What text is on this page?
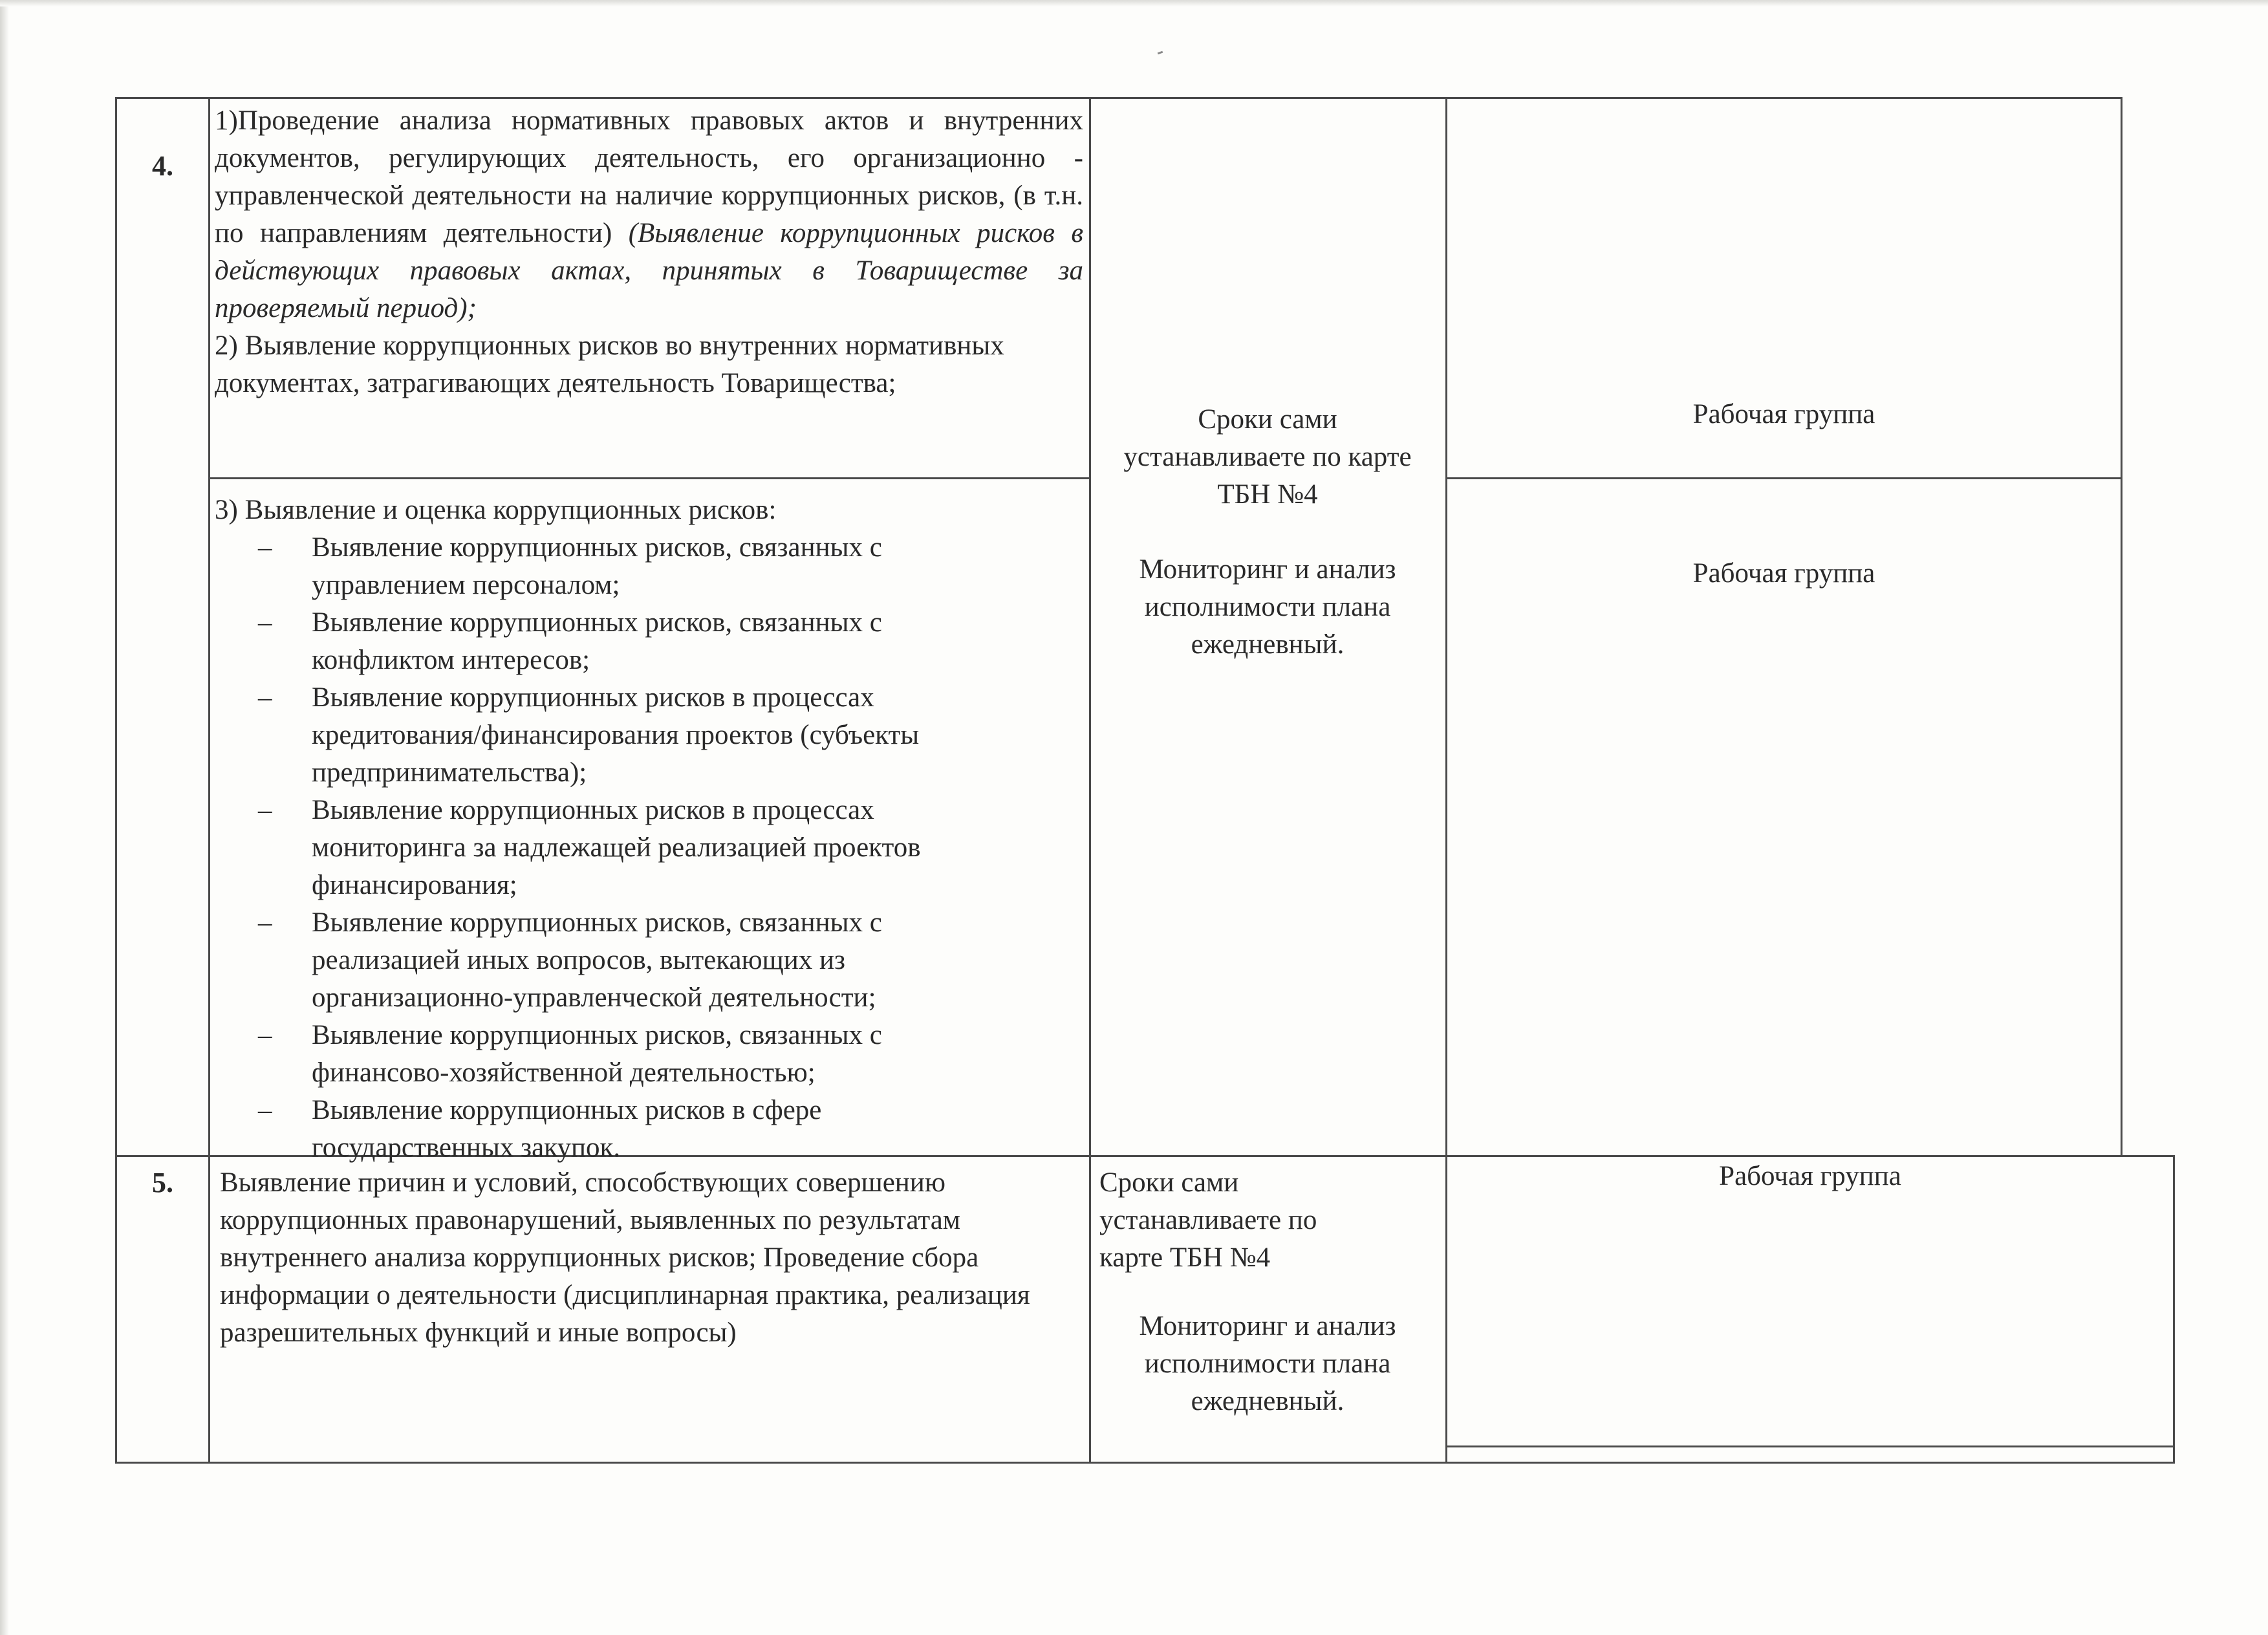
4.
1)Проведение анализа нормативных правовых актов и внутренних документов, регулирующих деятельность, его организационно - управленческой деятельности на наличие коррупционных рисков, (в т.н. по направлениям деятельности) (Выявление коррупционных рисков в действующих правовых актах, принятых в Товариществе за проверяемый период);
2) Выявление коррупционных рисков во внутренних нормативных документах, затрагивающих деятельность Товарищества;
3) Выявление и оценка коррупционных рисков:
– Выявление коррупционных рисков, связанных с управлением персоналом;
– Выявление коррупционных рисков, связанных с конфликтом интересов;
– Выявление коррупционных рисков в процессах кредитования/финансирования проектов (субъекты предпринимательства);
– Выявление коррупционных рисков в процессах мониторинга за надлежащей реализацией проектов финансирования;
– Выявление коррупционных рисков, связанных с реализацией иных вопросов, вытекающих из организационно-управленческой деятельности;
– Выявление коррупционных рисков, связанных с финансово-хозяйственной деятельностью;
– Выявление коррупционных рисков в сфере государственных закупок.
Сроки сами устанавливаете по карте ТБН №4
Мониторинг и анализ исполнимости плана ежедневный.
Рабочая группа
Рабочая группа
5.	Выявление причин и условий, способствующих совершению коррупционных правонарушений, выявленных по результатам внутреннего анализа коррупционных рисков; Проведение сбора информации о деятельности (дисциплинарная практика, реализация разрешительных функций и иные вопросы)
Сроки сами устанавливаете по карте ТБН №4
Мониторинг и анализ исполнимости плана ежедневный.
Рабочая группа
